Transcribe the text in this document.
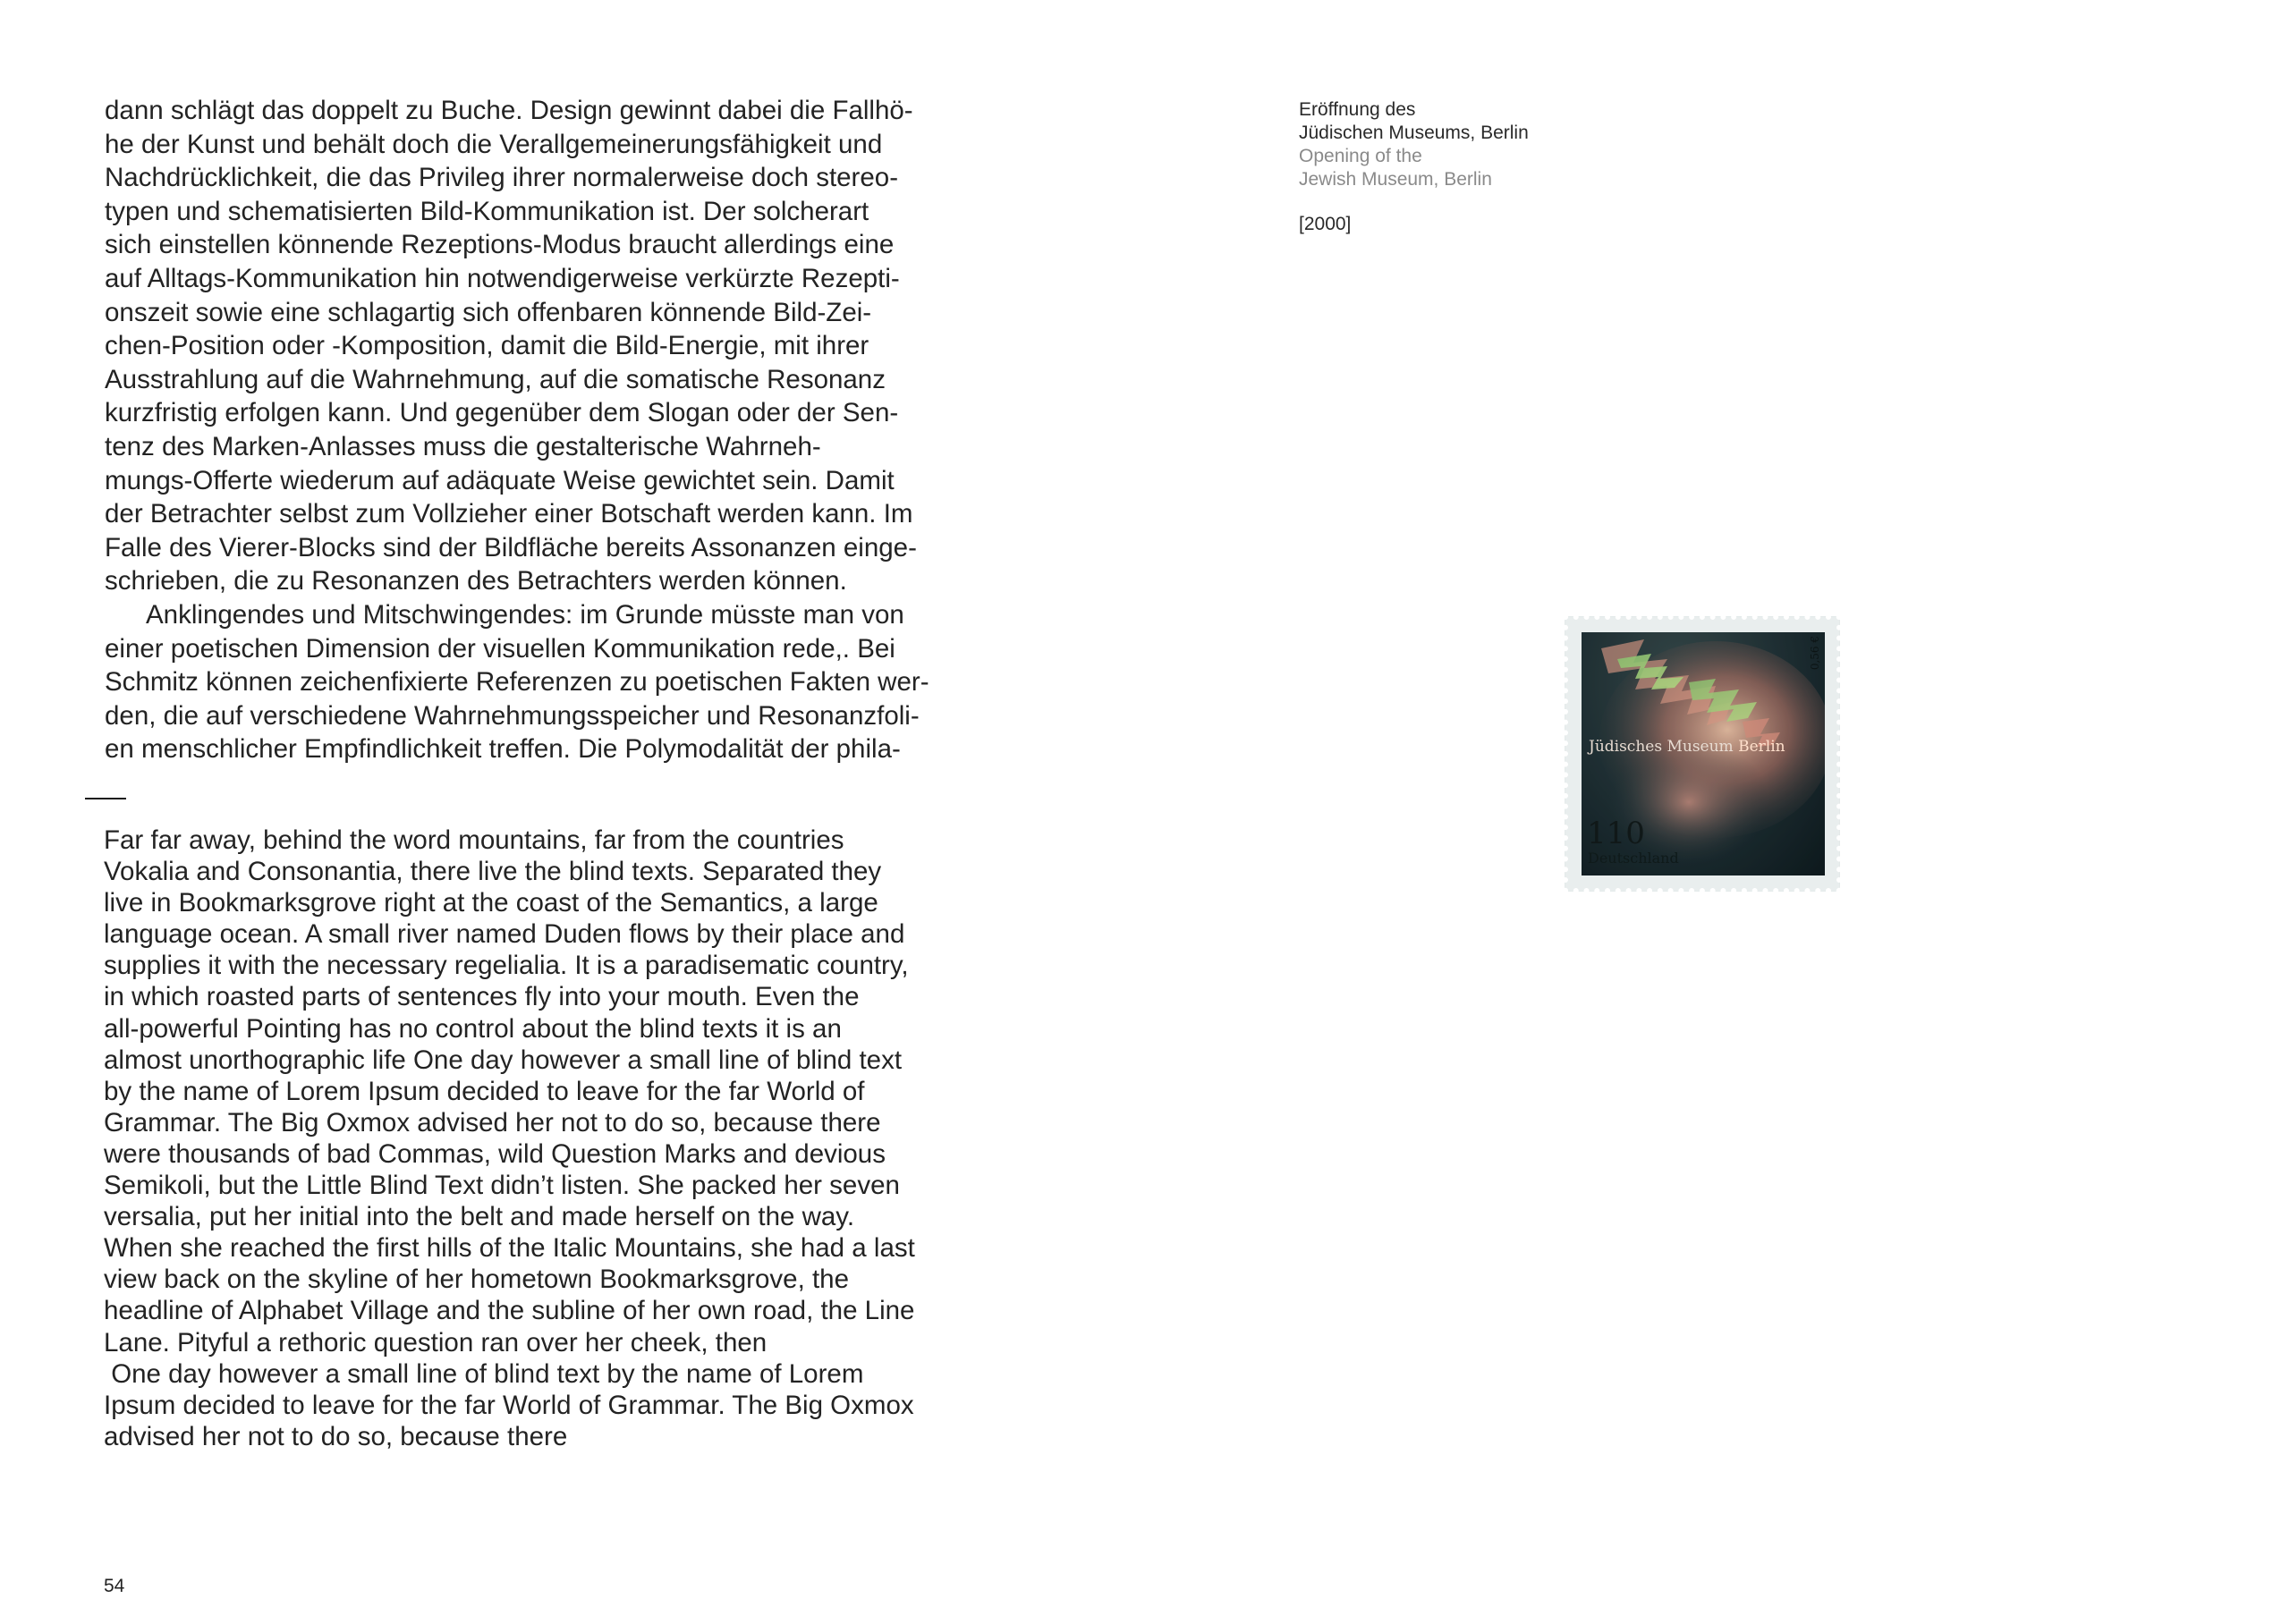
dann schlägt das doppelt zu Buche. Design gewinnt dabei die Fallhö-
he der Kunst und behält doch die Verallgemeinerungsfähigkeit und
Nachdrücklichkeit, die das Privileg ihrer normalerweise doch stereo-
typen und schematisierten Bild-Kommunikation ist. Der solcherart
sich einstellen könnende Rezeptions-Modus braucht allerdings eine
auf Alltags-Kommunikation hin notwendigerweise verkürzte Rezepti-
onszeit sowie eine schlagartig sich offenbaren könnende Bild-Zei-
chen-Position oder -Komposition, damit die Bild-Energie, mit ihrer
Ausstrahlung auf die Wahrnehmung, auf die somatische Resonanz
kurzfristig erfolgen kann. Und gegenüber dem Slogan oder der Sen-
tenz des Marken-Anlasses muss die gestalterische Wahrneh-
mungs-Offerte wiederum auf adäquate Weise gewichtet sein. Damit
der Betrachter selbst zum Vollzieher einer Botschaft werden kann. Im
Falle des Vierer-Blocks sind der Bildfläche bereits Assonanzen einge-
schrieben, die zu Resonanzen des Betrachters werden können.
Anklingendes und Mitschwingendes: im Grunde müsste man von
einer poetischen Dimension der visuellen Kommunikation rede,. Bei
Schmitz können zeichenfixierte Referenzen zu poetischen Fakten wer-
den, die auf verschiedene Wahrnehmungsspeicher und Resonanzfoli-
en menschlicher Empfindlichkeit treffen. Die Polymodalität der phila-
Far far away, behind the word mountains, far from the countries
Vokalia and Consonantia, there live the blind texts. Separated they
live in Bookmarksgrove right at the coast of the Semantics, a large
language ocean. A small river named Duden flows by their place and
supplies it with the necessary regelialia. It is a paradisematic country,
in which roasted parts of sentences fly into your mouth. Even the
all-powerful Pointing has no control about the blind texts it is an
almost unorthographic life One day however a small line of blind text
by the name of Lorem Ipsum decided to leave for the far World of
Grammar. The Big Oxmox advised her not to do so, because there
were thousands of bad Commas, wild Question Marks and devious
Semikoli, but the Little Blind Text didn’t listen. She packed her seven
versalia, put her initial into the belt and made herself on the way.
When she reached the first hills of the Italic Mountains, she had a last
view back on the skyline of her hometown Bookmarksgrove, the
headline of Alphabet Village and the subline of her own road, the Line
Lane. Pityful a rethoric question ran over her cheek, then
One day however a small line of blind text by the name of Lorem
Ipsum decided to leave for the far World of Grammar. The Big Oxmox
advised her not to do so, because there
54
Eröffnung des
Jüdischen Museums, Berlin
Opening of the
Jewish Museum, Berlin
[2000]
Jüdisches Museum Berlin
110
Deutschland
0,56 €
